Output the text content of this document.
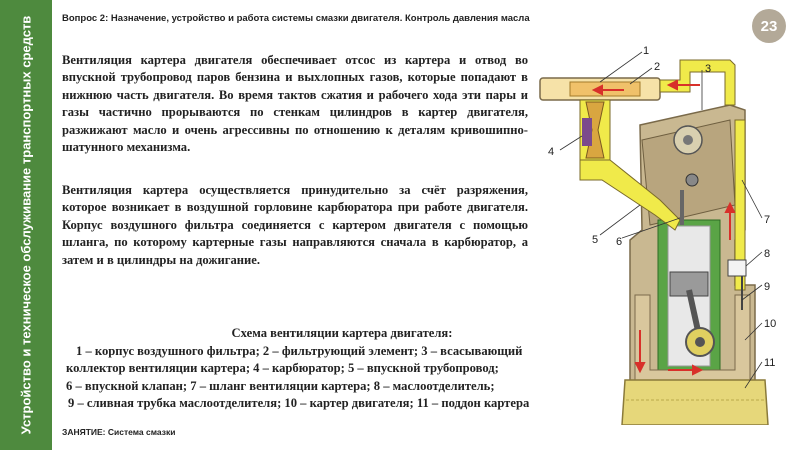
Устройство и техническое обслуживание транспортных средств	Вопрос 2: Назначение, устройство и работа системы смазки двигателя. Контроль давления масла	23

Вентиляция картера двигателя обеспечивает отсос из картера и отвод во впускной трубопровод паров бензина и выхлопных газов, которые попадают в нижнюю часть двигателя. Во время тактов сжатия и рабочего хода эти пары и газы частично прорываются по стенкам цилиндров в картер двигателя, разжижают масло и очень агрессивны по отношению к деталям кривошипно-шатунного механизма.

Вентиляция картера осуществляется принудительно за счёт разряжения, которое возникает в воздушной горловине карбюратора при работе двигателя. Корпус воздушного фильтра соединяется с картером двигателя с помощью шланга, по которому картерные газы направляются сначала в карбюратор, а затем и в цилиндры на дожигание.

Схема вентиляции картера двигателя:
1 – корпус воздушного фильтра; 2 – фильтрующий элемент; 3 – всасывающий
коллектор вентиляции картера; 4 – карбюратор; 5 – впускной трубопровод;
6 – впускной клапан; 7 – шланг вентиляции картера; 8 – маслоотделитель;
9 – сливная трубка маслоотделителя; 10 – картер двигателя; 11 – поддон картера
ЗАНЯТИЕ: Система смазки
1
2	3
4
5 6
7
8
9
10
11
